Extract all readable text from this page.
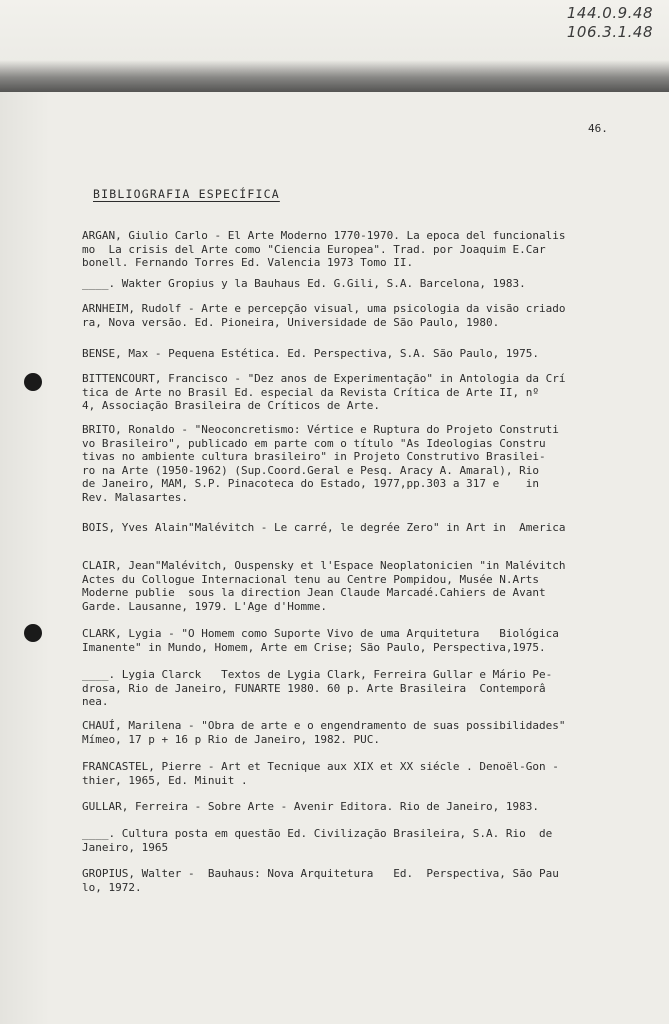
144.0.9.48
106.3.1.48
46.
BIBLIOGRAFIA ESPECÍFICA
ARGAN, Giulio Carlo - El Arte Moderno 1770-1970. La epoca del funcionalis
mo  La crisis del Arte como "Ciencia Europea". Trad. por Joaquim E.Car
bonell. Fernando Torres Ed. Valencia 1973 Tomo II.
____. Wakter Gropius y la Bauhaus Ed. G.Gili, S.A. Barcelona, 1983.
ARNHEIM, Rudolf - Arte e percepção visual, uma psicologia da visão criado
ra, Nova versão. Ed. Pioneira, Universidade de São Paulo, 1980.
BENSE, Max - Pequena Estética. Ed. Perspectiva, S.A. São Paulo, 1975.
BITTENCOURT, Francisco - "Dez anos de Experimentação" in Antologia da Crí
tica de Arte no Brasil Ed. especial da Revista Crítica de Arte II, nº
4, Associação Brasileira de Críticos de Arte.
BRITO, Ronaldo - "Neoconcretismo: Vértice e Ruptura do Projeto Construti
vo Brasileiro", publicado em parte com o título "As Ideologias Constru
tivas no ambiente cultura brasileiro" in Projeto Construtivo Brasilei-
ro na Arte (1950-1962) (Sup.Coord.Geral e Pesq. Aracy A. Amaral), Rio
de Janeiro, MAM, S.P. Pinacoteca do Estado, 1977,pp.303 a 317 e    in
Rev. Malasartes.
BOIS, Yves Alain"Malévitch - Le carré, le degrée Zero" in Art in  America
CLAIR, Jean"Malévitch, Ouspensky et l'Espace Neoplatonicien "in Malévitch
Actes du Collogue Internacional tenu au Centre Pompidou, Musée N.Arts
Moderne publie  sous la direction Jean Claude Marcadé.Cahiers de Avant
Garde. Lausanne, 1979. L'Age d'Homme.
CLARK, Lygia - "O Homem como Suporte Vivo de uma Arquitetura   Biológica
Imanente" in Mundo, Homem, Arte em Crise; São Paulo, Perspectiva,1975.
____. Lygia Clarck   Textos de Lygia Clark, Ferreira Gullar e Mário Pe-
drosa, Rio de Janeiro, FUNARTE 1980. 60 p. Arte Brasileira  Contemporâ
nea.
CHAUÍ, Marilena - "Obra de arte e o engendramento de suas possibilidades"
Mímeo, 17 p + 16 p Rio de Janeiro, 1982. PUC.
FRANCASTEL, Pierre - Art et Tecnique aux XIX et XX siécle . Denoël-Gon -
thier, 1965, Ed. Minuit .
GULLAR, Ferreira - Sobre Arte - Avenir Editora. Rio de Janeiro, 1983.
____. Cultura posta em questão Ed. Civilização Brasileira, S.A. Rio  de
Janeiro, 1965
GROPIUS, Walter -  Bauhaus: Nova Arquitetura   Ed.  Perspectiva, São Pau
lo, 1972.
